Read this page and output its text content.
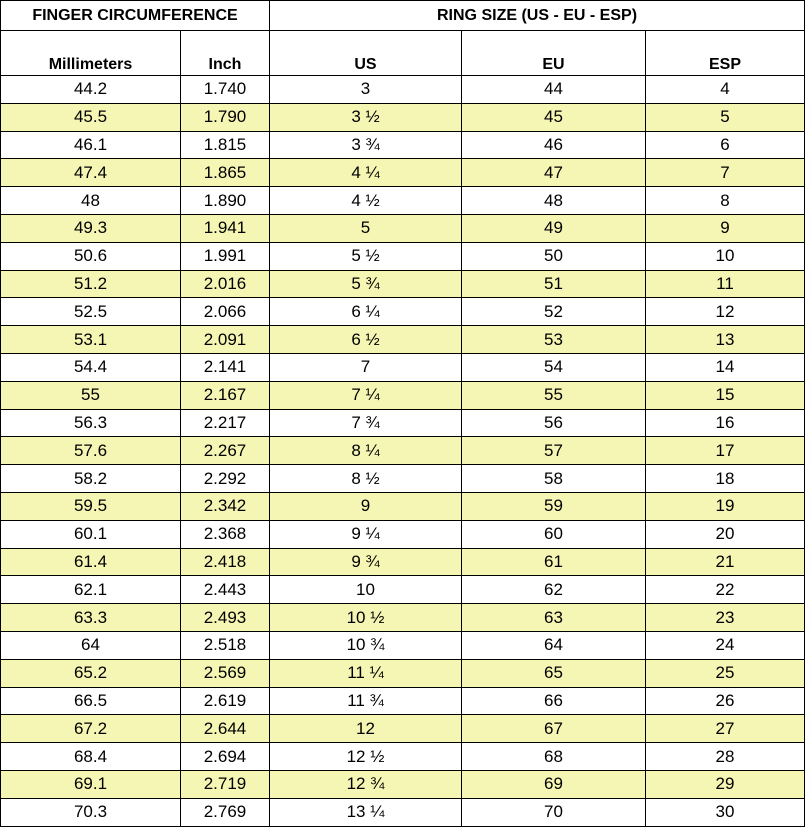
FINGER CIRCUMFERENCE		RING SIZE (US - EU - ESP)		
Millimeters	Inch	US	EU	ESP
44.2	1.740	3	44	4
45.5	1.790	3 ½	45	5
46.1	1.815	3 ¾	46	6
47.4	1.865	4 ¼	47	7
48	1.890	4 ½	48	8
49.3	1.941	5	49	9
50.6	1.991	5 ½	50	10
51.2	2.016	5 ¾	51	11
52.5	2.066	6 ¼	52	12
53.1	2.091	6 ½	53	13
54.4	2.141	7	54	14
55	2.167	7 ¼	55	15
56.3	2.217	7 ¾	56	16
57.6	2.267	8 ¼	57	17
58.2	2.292	8 ½	58	18
59.5	2.342	9	59	19
60.1	2.368	9 ¼	60	20
61.4	2.418	9 ¾	61	21
62.1	2.443	10	62	22
63.3	2.493	10 ½	63	23
64	2.518	10 ¾	64	24
65.2	2.569	11 ¼	65	25
66.5	2.619	11 ¾	66	26
67.2	2.644	12	67	27
68.4	2.694	12 ½	68	28
69.1	2.719	12 ¾	69	29
70.3	2.769	13 ¼	70	30
